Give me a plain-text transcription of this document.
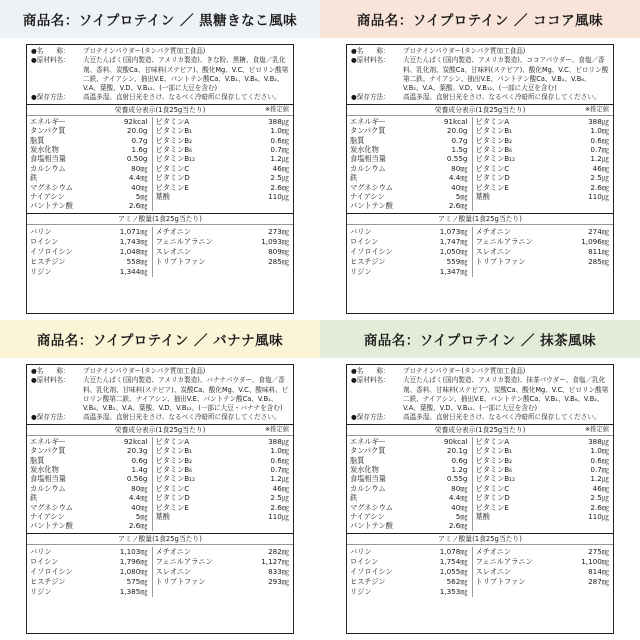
商品名：ソイプロテイン ／ 黒糖きなこ風味
●名　　称：	プロテインパウダー(タンパク質加工食品)
●原材料名：	大豆たんぱく(国内製造、アメリカ製造)、きな粉、黒糖、食塩／乳化剤、香料、炭酸Ca、甘味料(ステビア)、酸化Mg、V.C、ピロリン酸第二鉄、ナイアシン、抽出V.E、パントテン酸Ca、V.B₁、V.B₆、V.B₂、V.A、葉酸、V.D、V.B₁₂、(一部に大豆を含む)
●保存方法：	高温多湿、直射日光をさけ、なるべく冷暗所に保存してください。
栄養成分表示(1食25g当たり)	※推定値
エネルギー	92kcal	ビタミンA	388㎍
タンパク質	20.0g	ビタミンB₁	1.0㎎
脂質	0.7g	ビタミンB₂	0.6㎎
炭水化物	1.6g	ビタミンB₆	0.7㎎
食塩相当量	0.50g	ビタミンB₁₂	1.2㎍
カルシウム	80㎎	ビタミンC	46㎎
鉄	4.4㎎	ビタミンD	2.5㎍
マグネシウム	40㎎	ビタミンE	2.6㎎
ナイアシン	5㎎	葉酸	110㎍
パントテン酸	2.6㎎		
アミノ酸量(1食25g当たり)
バリン	1,071㎎	メチオニン	273㎎
ロイシン	1,743㎎	フェニルアラニン	1,093㎎
イソロイシン	1,048㎎	スレオニン	809㎎
ヒスチジン	558㎎	トリプトファン	285㎎
リジン	1,344㎎		
商品名：ソイプロテイン ／ ココア風味
●名　　称：	プロテインパウダー(タンパク質加工食品)
●原材料名：	大豆たんぱく(国内製造、アメリカ製造)、ココアパウダー、食塩／香料、乳化剤、炭酸Ca、甘味料(ステビア)、酸化Mg、V.C、ピロリン酸第二鉄、ナイアシン、抽出V.E、パントテン酸Ca、V.B₁、V.B₆、V.B₂、V.A、葉酸、V.D、V.B₁₂、(一部に大豆を含む)
●保存方法：	高温多湿、直射日光をさけ、なるべく冷暗所に保存してください。
栄養成分表示(1食25g当たり)	※推定値
エネルギー	91kcal	ビタミンA	388㎍
タンパク質	20.0g	ビタミンB₁	1.0㎎
脂質	0.7g	ビタミンB₂	0.6㎎
炭水化物	1.5g	ビタミンB₆	0.7㎎
食塩相当量	0.55g	ビタミンB₁₂	1.2㎍
カルシウム	80㎎	ビタミンC	46㎎
鉄	4.4㎎	ビタミンD	2.5㎍
マグネシウム	40㎎	ビタミンE	2.6㎎
ナイアシン	5㎎	葉酸	110㎍
パントテン酸	2.6㎎		
アミノ酸量(1食25g当たり)
バリン	1,073㎎	メチオニン	274㎎
ロイシン	1,747㎎	フェニルアラニン	1,096㎎
イソロイシン	1,050㎎	スレオニン	811㎎
ヒスチジン	559㎎	トリプトファン	285㎎
リジン	1,347㎎		
商品名：ソイプロテイン ／ バナナ風味
●名　　称：	プロテインパウダー(タンパク質加工食品)
●原材料名：	大豆たんぱく(国内製造、アメリカ製造)、バナナパウダー、食塩／香料、乳化剤、甘味料(ステビア)、炭酸Ca、酸化Mg、V.C、酸味料、ピロリン酸第二鉄、ナイアシン、抽出V.E、パントテン酸Ca、V.B₁、V.B₆、V.B₂、V.A、葉酸、V.D、V.B₁₂、(一部に大豆・バナナを含む)
●保存方法：	高温多湿、直射日光をさけ、なるべく冷暗所に保存してください。
栄養成分表示(1食25g当たり)	※推定値
エネルギー	92kcal	ビタミンA	388㎍
タンパク質	20.3g	ビタミンB₁	1.0㎎
脂質	0.6g	ビタミンB₂	0.6㎎
炭水化物	1.4g	ビタミンB₆	0.7㎎
食塩相当量	0.56g	ビタミンB₁₂	1.2㎍
カルシウム	80㎎	ビタミンC	46㎎
鉄	4.4㎎	ビタミンD	2.5㎍
マグネシウム	40㎎	ビタミンE	2.6㎎
ナイアシン	5㎎	葉酸	110㎍
パントテン酸	2.6㎎		
アミノ酸量(1食25g当たり)
バリン	1,103㎎	メチオニン	282㎎
ロイシン	1,796㎎	フェニルアラニン	1,127㎎
イソロイシン	1,080㎎	スレオニン	833㎎
ヒスチジン	575㎎	トリプトファン	293㎎
リジン	1,385㎎		
商品名：ソイプロテイン ／ 抹茶風味
●名　　称：	プロテインパウダー(タンパク質加工食品)
●原材料名：	大豆たんぱく(国内製造、アメリカ製造)、抹茶パウダー、食塩／乳化剤、香料、甘味料(ステビア)、炭酸Ca、酸化Mg、V.C、ピロリン酸第二鉄、ナイアシン、抽出V.E、パントテン酸Ca、V.B₁、V.B₆、V.B₂、V.A、葉酸、V.D、V.B₁₂、(一部に大豆を含む)
●保存方法：	高温多湿、直射日光をさけ、なるべく冷暗所に保存してください。
栄養成分表示(1食25g当たり)	※推定値
エネルギー	90kcal	ビタミンA	388㎍
タンパク質	20.1g	ビタミンB₁	1.0㎎
脂質	0.6g	ビタミンB₂	0.6㎎
炭水化物	1.2g	ビタミンB₆	0.7㎎
食塩相当量	0.55g	ビタミンB₁₂	1.2㎍
カルシウム	80㎎	ビタミンC	46㎎
鉄	4.4㎎	ビタミンD	2.5㎍
マグネシウム	40㎎	ビタミンE	2.6㎎
ナイアシン	5㎎	葉酸	110㎍
パントテン酸	2.6㎎		
アミノ酸量(1食25g当たり)
バリン	1,078㎎	メチオニン	275㎎
ロイシン	1,754㎎	フェニルアラニン	1,100㎎
イソロイシン	1,055㎎	スレオニン	814㎎
ヒスチジン	562㎎	トリプトファン	287㎎
リジン	1,353㎎		
